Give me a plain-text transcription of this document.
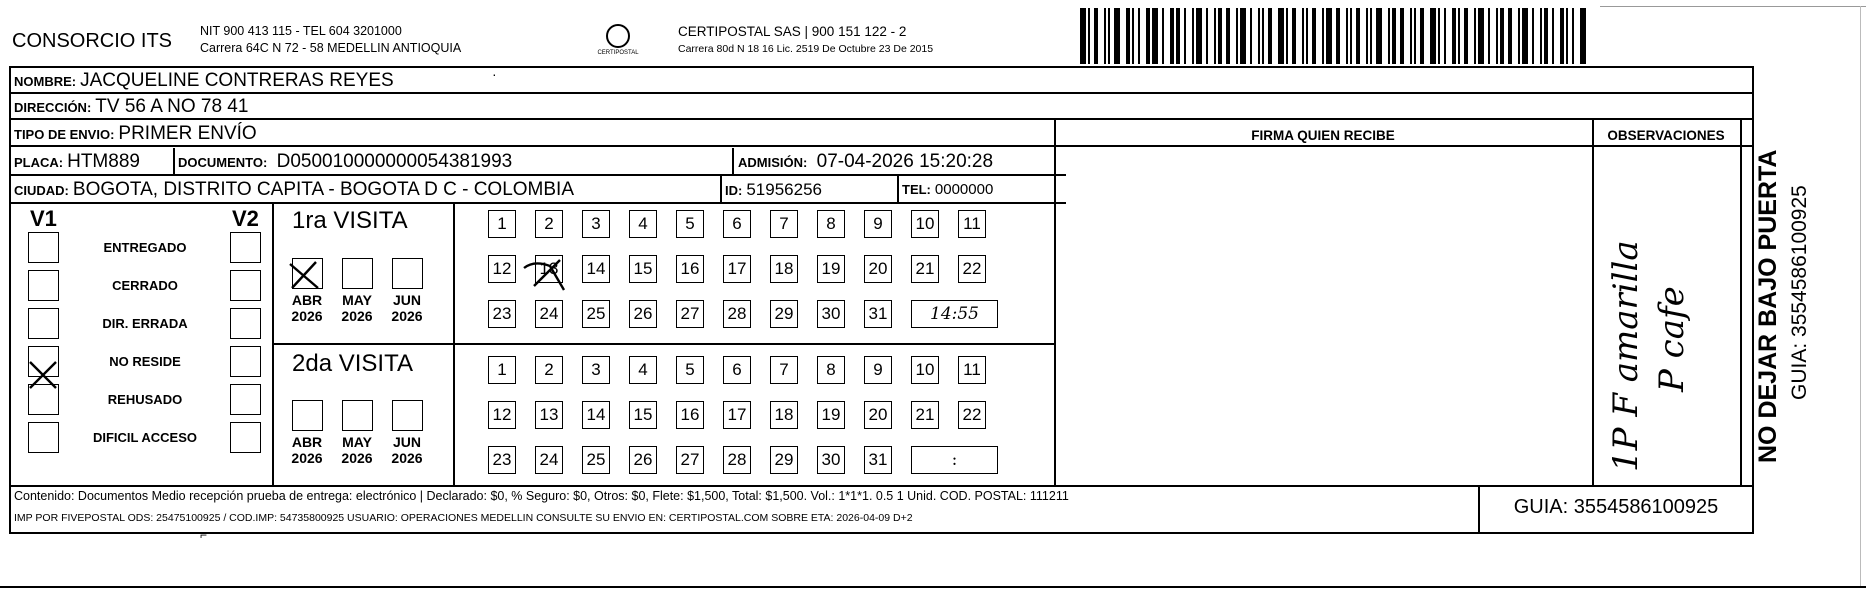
CONSORCIO ITS NIT 900 413 115 - TEL 604 3201000
Carrera 64C N 72 - 58 MEDELLIN ANTIOQUIA	CERTIPOSTAL
CERTIPOSTAL SAS | 900 151 122 - 2
Carrera 80d N 18 16 Lic. 2519 De Octubre 23 De 2015
NOMBRE: JACQUELINE CONTRERAS REYES
DIRECCIÓN: TV 56 A NO 78 41
TIPO DE ENVIO: PRIMER ENVÍO
PLACA: HTM889	DOCUMENTO: D050010000000054381993	ADMISIÓN: 07-04-2026 15:20:28
CIUDAD: BOGOTA, DISTRITO CAPITA - BOGOTA D C - COLOMBIA	ID: 51956256	TEL: 0000000
FIRMA QUIEN RECIBE	OBSERVACIONES
V1	V2
ENTREGADO
CERRADO
DIR. ERRADA
NO RESIDE
REHUSADO
DIFICIL ACCESO
1ra VISITA
2da VISITA
ABR
2026
MAY
2026
JUN
2026
ABR
2026
MAY
2026
JUN
2026
1	2	3	4	5	6	7	8	9	10	11
12 13 14 15 16 17 18 19 20 21 22
23 24 25 26 27 28 29 30 31	14:55
1	2	3	4	5	6	7	8	9	10	11
12 13 14 15 16 17 18 19 20 21 22
23 24 25 26 27 28 29 30 31	:
⌐
·
1P F amarilla P cafe
Contenido: Documentos Medio recepción prueba de entrega: electrónico | Declarado: $0, % Seguro: $0, Otros: $0, Flete: $1,500, Total: $1,500. Vol.: 1*1*1. 0.5 1 Unid. COD. POSTAL: 111211
IMP POR FIVEPOSTAL ODS: 25475100925 / COD.IMP: 54735800925 USUARIO: OPERACIONES MEDELLIN CONSULTE SU ENVIO EN: CERTIPOSTAL.COM SOBRE ETA: 2026-04-09 D+2	GUIA: 3554586100925
NO DEJAR BAJO PUERTA GUIA: 3554586100925
